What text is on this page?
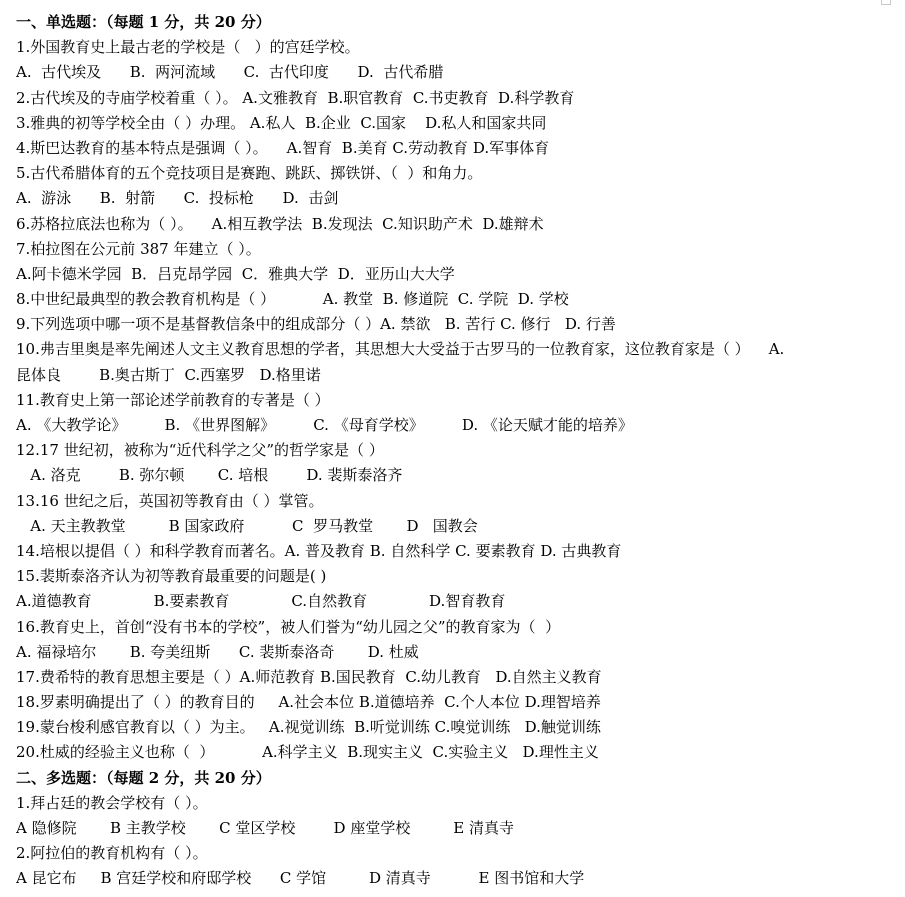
一、单选题：（每题 1 分，共 20 分）
1.外国教育史上最古老的学校是（   ）的宫廷学校。
A.  古代埃及      B.  两河流域      C.  古代印度      D.  古代希腊
2.古代埃及的寺庙学校着重（ ）。 A.文雅教育  B.职官教育  C.书吏教育  D.科学教育
3.雅典的初等学校全由（ ）办理。 A.私人  B.企业  C.国家    D.私人和国家共同
4.斯巴达教育的基本特点是强调（ ）。    A.智育  B.美育 C.劳动教育 D.军事体育
5.古代希腊体育的五个竞技项目是赛跑、跳跃、掷铁饼、（  ）和角力。
A.  游泳      B.  射箭      C.  投标枪      D.  击剑
6.苏格拉底法也称为（ ）。    A.相互教学法  B.发现法  C.知识助产术  D.雄辩术
7.柏拉图在公元前 387 年建立（ ）。
A.阿卡德米学园  B．吕克昂学园  C．雅典大学  D．亚历山大大学
8.中世纪最典型的教会教育机构是（ ）          A. 教堂  B. 修道院  C. 学院  D. 学校
9.下列选项中哪一项不是基督教信条中的组成部分（ ）A. 禁欲   B. 苦行 C. 修行   D. 行善
10.弗吉里奥是率先阐述人文主义教育思想的学者，其思想大大受益于古罗马的一位教育家，这位教育家是（ ）    A.
昆体良        B.奥古斯丁  C.西塞罗   D.格里诺
11.教育史上第一部论述学前教育的专著是（ ）
A. 《大教学论》        B. 《世界图解》        C. 《母育学校》        D. 《论天赋才能的培养》
12.17 世纪初，被称为“近代科学之父”的哲学家是（ ）
A. 洛克        B. 弥尔顿       C. 培根        D. 裴斯泰洛齐
13.16 世纪之后，英国初等教育由（ ）掌管。
A. 天主教教堂         B 国家政府          C  罗马教堂       D   国教会
14.培根以提倡（ ）和科学教育而著名。A. 普及教育 B. 自然科学 C. 要素教育 D. 古典教育
15.裴斯泰洛齐认为初等教育最重要的问题是( )
A.道德教育             B.要素教育             C.自然教育             D.智育教育
16.教育史上，首创“没有书本的学校”，被人们誉为“幼儿园之父”的教育家为（  ）
A. 福禄培尔       B. 夸美纽斯      C. 裴斯泰洛奇       D. 杜威
17.费希特的教育思想主要是（ ）A.师范教育 B.国民教育  C.幼儿教育   D.自然主义教育
18.罗素明确提出了（ ）的教育目的     A.社会本位 B.道德培养  C.个人本位 D.理智培养
19.蒙台梭利感官教育以（ ）为主。   A.视觉训练  B.听觉训练 C.嗅觉训练   D.触觉训练
20.杜威的经验主义也称（  ）          A.科学主义  B.现实主义  C.实验主义   D.理性主义
二、多选题：（每题 2 分，共 20 分）
1.拜占廷的教会学校有（ ）。
A 隐修院       B 主教学校       C 堂区学校        D 座堂学校         E 清真寺
2.阿拉伯的教育机构有（ ）。
A 昆它布     B 宫廷学校和府邸学校      C 学馆         D 清真寺          E 图书馆和大学
